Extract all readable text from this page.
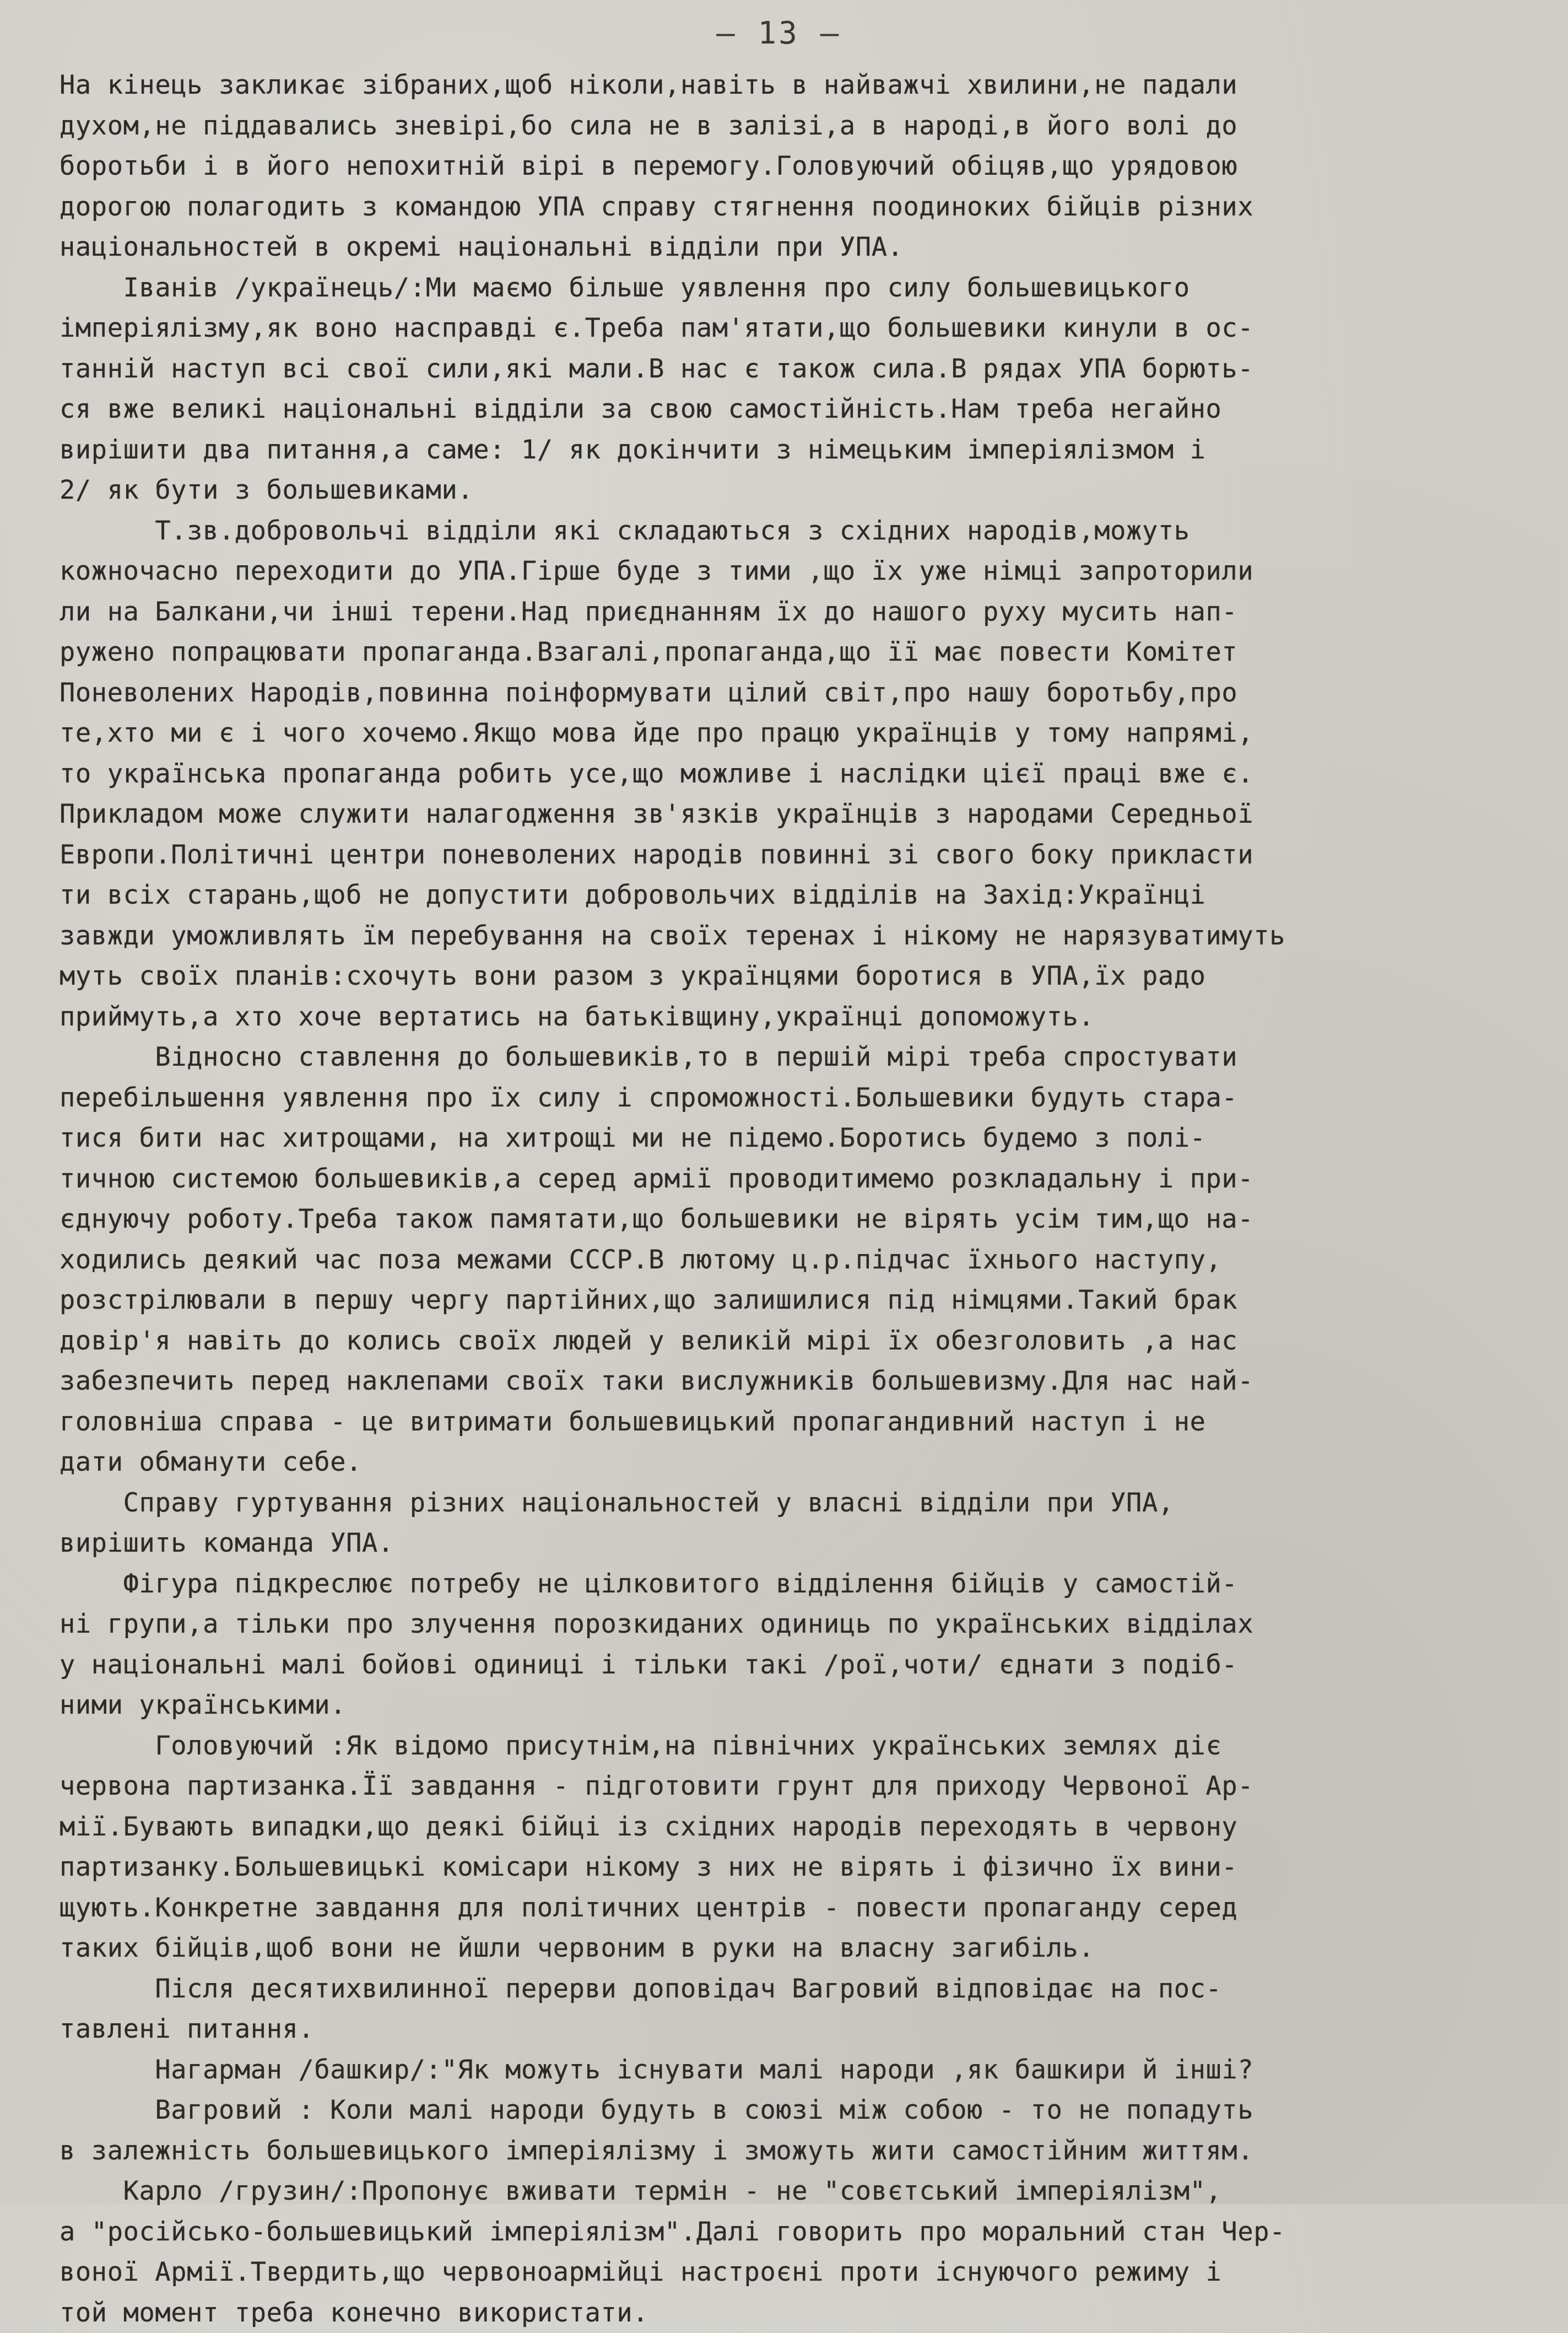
– 13 –
На кінець закликає зібраних,щоб ніколи,навіть в найважчі хвилини,не падали
духом,не піддавались зневірі,бо сила не в залізі,а в народі,в його волі до
боротьби і в його непохитній вірі в перемогу.Головуючий обіцяв,що урядовою
дорогою полагодить з командою УПА справу стягнення поодиноких бійців різних
національностей в окремі національні відділи при УПА.
Іванів /українець/:Ми маємо більше уявлення про силу большевицького
імперіялізму,як воно насправді є.Треба пам'ятати,що большевики кинули в ос-
танній наступ всі свої сили,які мали.В нас є також сила.В рядах УПА борють-
ся вже великі національні відділи за свою самостійність.Нам треба негайно
вирішити два питання,а саме: 1/ як докінчити з німецьким імперіялізмом і
2/ як бути з большевиками.
Т.зв.добровольчі відділи які складаються з східних народів,можуть
кожночасно переходити до УПА.Гірше буде з тими ,що їх уже німці запроторили
ли на Балкани,чи інші терени.Над приєднанням їх до нашого руху мусить нап-
ружено попрацювати пропаганда.Взагалі,пропаганда,що її має повести Комітет
Поневолених Народів,повинна поінформувати цілий світ,про нашу боротьбу,про
те,хто ми є і чого хочемо.Якщо мова йде про працю українців у тому напрямі,
то українська пропаганда робить усе,що можливе і наслідки цієї праці вже є.
Прикладом може служити налагодження зв'язків українців з народами Середньої
Европи.Політичні центри поневолених народів повинні зі свого боку прикласти
ти всіх старань,щоб не допустити добровольчих відділів на Захід:Українці
завжди уможливлять їм перебування на своїх теренах і нікому не нарязуватимуть
муть своїх планів:схочуть вони разом з українцями боротися в УПА,їх радо
приймуть,а хто хоче вертатись на батьківщину,українці допоможуть.
Відносно ставлення до большевиків,то в першій мірі треба спростувати
перебільшення уявлення про їх силу і спроможності.Большевики будуть стара-
тися бити нас хитрощами, на хитрощі ми не підемо.Боротись будемо з полі-
тичною системою большевиків,а серед армії проводитимемо розкладальну і при-
єднуючу роботу.Треба також памятати,що большевики не вірять усім тим,що на-
ходились деякий час поза межами СССР.В лютому ц.р.підчас їхнього наступу,
розстрілювали в першу чергу партійних,що залишилися під німцями.Такий брак
довір'я навіть до колись своїх людей у великій мірі їх обезголовить ,а нас
забезпечить перед наклепами своїх таки вислужників большевизму.Для нас най-
головніша справа - це витримати большевицький пропагандивний наступ і не
дати обманути себе.
Справу гуртування різних національностей у власні відділи при УПА,
вирішить команда УПА.
Фігура підкреслює потребу не цілковитого відділення бійців у самостій-
ні групи,а тільки про злучення порозкиданих одиниць по українських відділах
у національні малі бойові одиниці і тільки такі /рої,чоти/ єднати з подіб-
ними українськими.
Головуючий :Як відомо присутнім,на північних українських землях діє
червона партизанка.Її завдання - підготовити грунт для приходу Червоної Ар-
мії.Бувають випадки,що деякі бійці із східних народів переходять в червону
партизанку.Большевицькі комісари нікому з них не вірять і фізично їх вини-
щують.Конкретне завдання для політичних центрів - повести пропаганду серед
таких бійців,щоб вони не йшли червоним в руки на власну загибіль.
Після десятихвилинної перерви доповідач Вагровий відповідає на пос-
тавлені питання.
Нагарман /башкир/:"Як можуть існувати малі народи ,як башкири й інші?
Вагровий : Коли малі народи будуть в союзі між собою - то не попадуть
в залежність большевицького імперіялізму і зможуть жити самостійним життям.
Карло /грузин/:Пропонує вживати термін - не "совєтський імперіялізм",
а "російсько-большевицький імперіялізм".Далі говорить про моральний стан Чер-
воної Армії.Твердить,що червоноармійці настроєні проти існуючого режиму і
той момент треба конечно використати.
